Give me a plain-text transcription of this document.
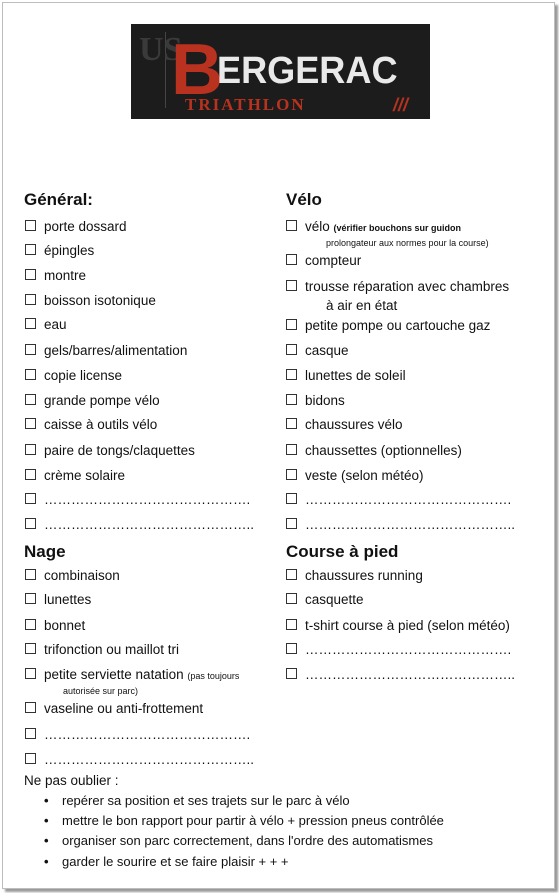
US
B
ERGERAC
TRIATHLON	///
Général:
porte dossard
épingles
montre
boisson isotonique
eau
gels/barres/alimentation
copie license
grande pompe vélo
caisse à outils vélo
paire de tongs/claquettes
crème solaire
……………………………………….
………………………………………..
Vélo
vélo (vérifier bouchons sur guidon
prolongateur aux normes pour la course)
compteur
trousse réparation avec chambres
à air en état
petite pompe ou cartouche gaz
casque
lunettes de soleil
bidons
chaussures vélo
chaussettes (optionnelles)
veste (selon météo)
……………………………………….
………………………………………..
Nage
combinaison
lunettes
bonnet
trifonction ou maillot tri
petite serviette natation (pas toujours
autorisée sur parc)
vaseline ou anti-frottement
……………………………………….
………………………………………..
Course à pied
chaussures running
casquette
t-shirt course à pied (selon météo)
……………………………………….
………………………………………..
Ne pas oublier :
• repérer sa position et ses trajets sur le parc à vélo
• mettre le bon rapport pour partir à vélo + pression pneus contrôlée
• organiser son parc correctement, dans l'ordre des automatismes
• garder le sourire et se faire plaisir + + +
